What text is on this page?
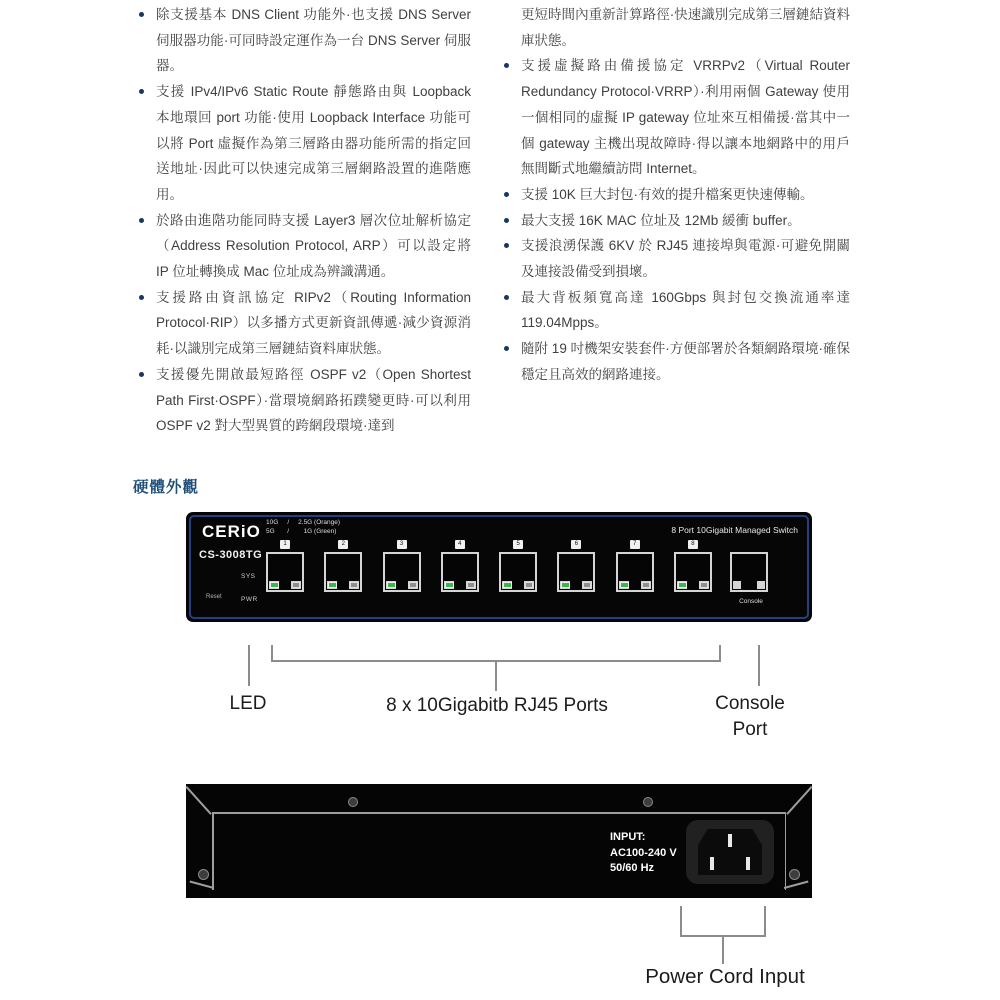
除支援基本 DNS Client 功能外·也支援 DNS Server 伺服器功能·可同時設定運作為一台 DNS Server 伺服器。
支援 IPv4/IPv6 Static Route 靜態路由與 Loopback 本地環回 port 功能·使用 Loopback Interface 功能可以將 Port 虛擬作為第三層路由器功能所需的指定回送地址·因此可以快速完成第三層網路設置的進階應用。
於路由進階功能同時支援 Layer3 層次位址解析協定（Address Resolution Protocol, ARP）可以設定將 IP 位址轉換成 Mac 位址成為辨識溝通。
支援路由資訊協定 RIPv2（Routing Information Protocol·RIP）以多播方式更新資訊傳遞·減少資源消耗·以識別完成第三層鏈結資料庫狀態。
支援優先開啟最短路徑 OSPF v2（Open Shortest Path First·OSPF）·當環境網路拓蹼變更時·可以利用 OSPF v2 對大型異質的跨網段環境·達到

更短時間內重新計算路徑·快速識別完成第三層鏈結資料庫狀態。

支援虛擬路由備援協定 VRRPv2（Virtual Router Redundancy Protocol·VRRP）·利用兩個 Gateway 使用一個相同的虛擬 IP gateway 位址來互相備援·當其中一個 gateway 主機出現故障時·得以讓本地網路中的用戶無間斷式地繼續訪問 Internet。
支援 10K 巨大封包·有效的提升檔案更快速傳輸。
最大支援 16K MAC 位址及 12Mb 緩衝 buffer。
支援浪湧保護 6KV 於 RJ45 連接埠與電源·可避免開關及連接設備受到損壞。
最大背板頻寬高達 160Gbps 與封包交換流通率達 119.04Mpps。
隨附 19 吋機架安裝套件·方便部署於各類網路環境·確保穩定且高效的網路連接。
硬體外觀
CERiO
CS-3008TG
SYS
Reset	PWR
10G     /     2.5G (Orange)
5G       /        1G (Green)	8 Port 10Gigabit Managed Switch
1	2	3	4	5	6	7	8
Console
LED	8 x 10Gigabitb RJ45 Ports	Console
Port
INPUT:
AC100-240 V
50/60 Hz
Power Cord Input
